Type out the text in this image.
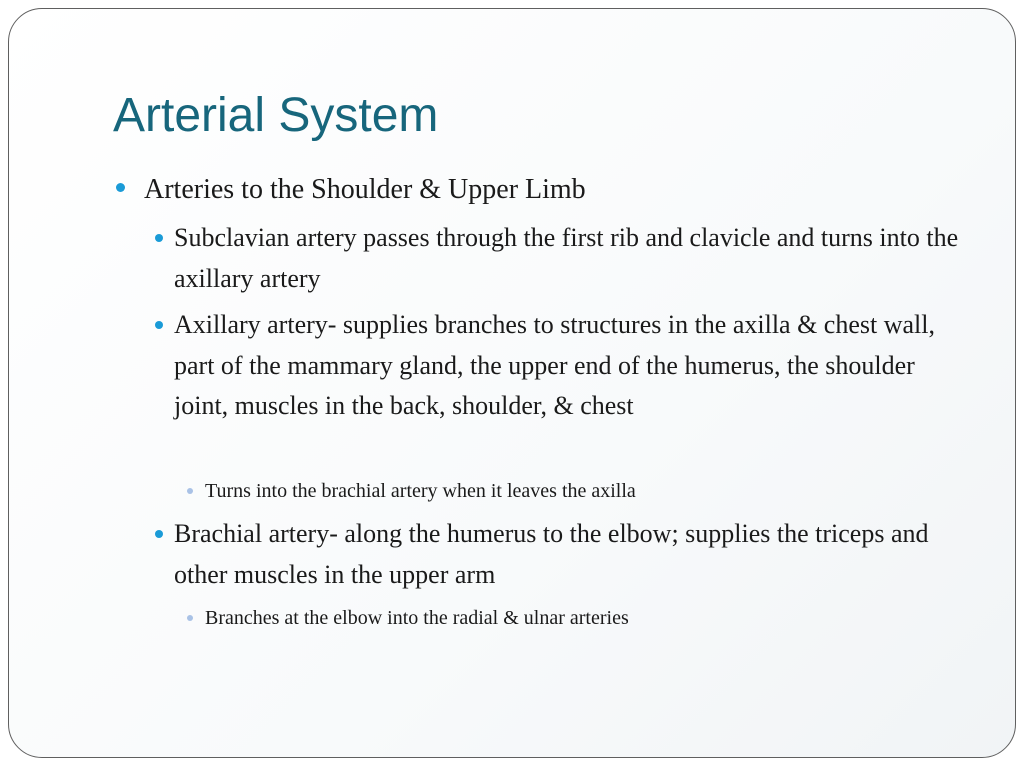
Arterial System

Arteries to the Shoulder & Upper Limb

Subclavian artery passes through the first rib and clavicle and turns into the axillary artery

Axillary artery- supplies branches to structures in the axilla & chest wall, part of the mammary gland, the upper end of the humerus, the shoulder joint, muscles in the back, shoulder, & chest

Turns into the brachial artery when it leaves the axilla

Brachial artery- along the humerus to the elbow; supplies the triceps and other muscles in the upper arm

Branches at the elbow into the radial & ulnar arteries
